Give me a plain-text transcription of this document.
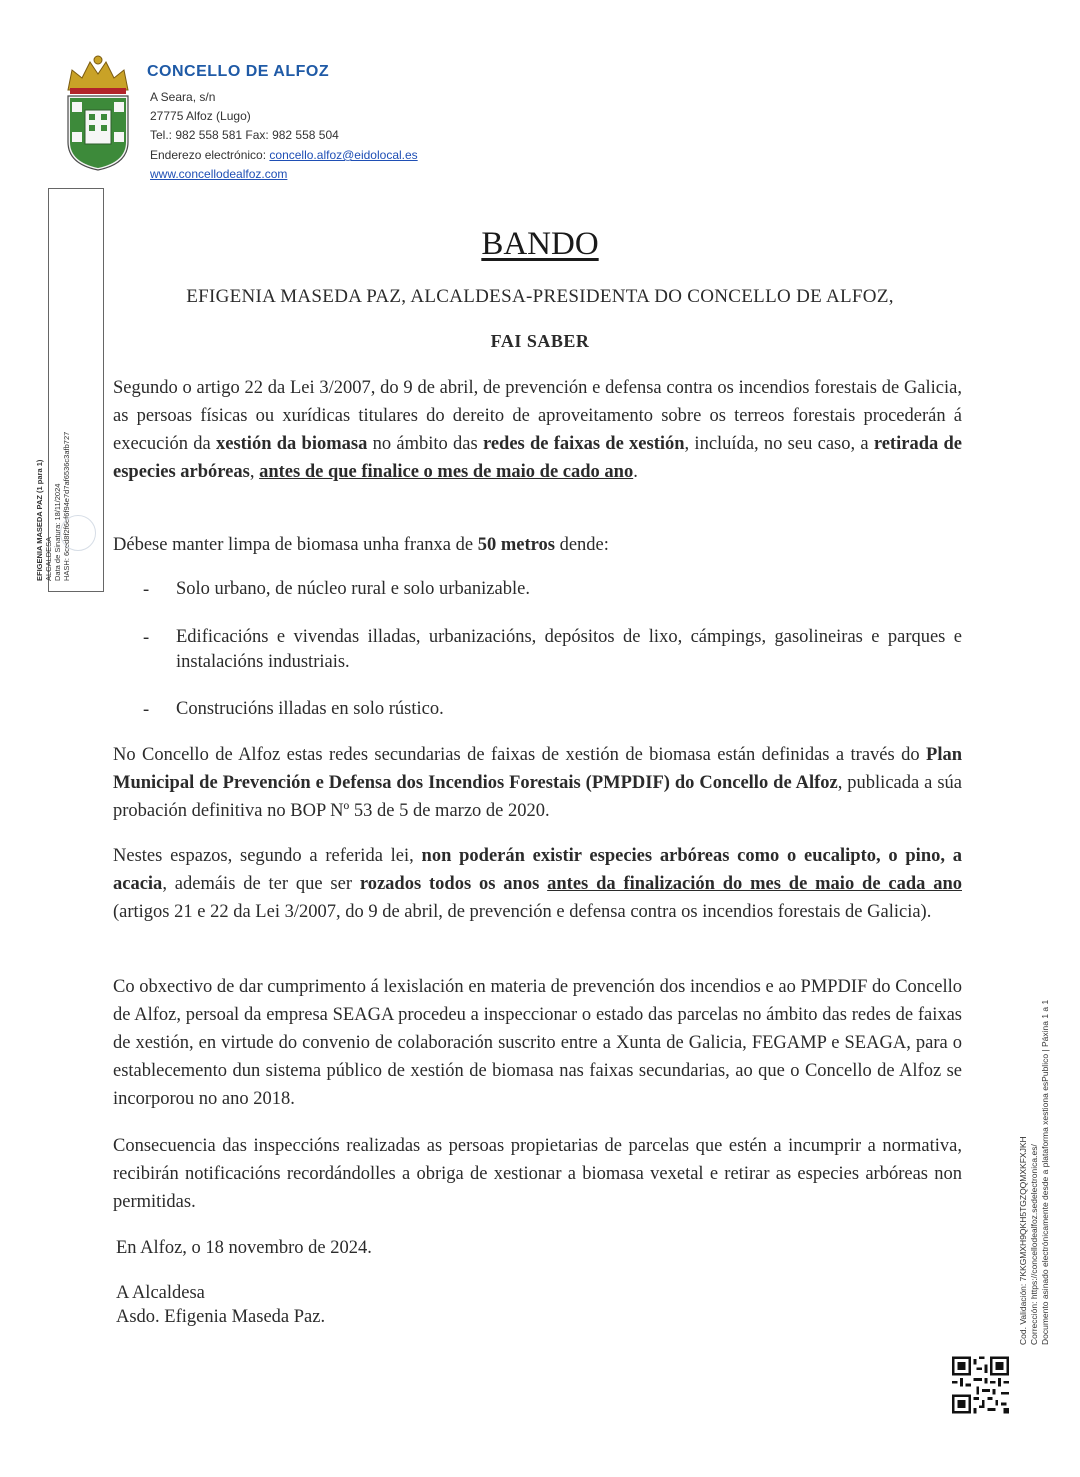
CONCELLO DE ALFOZ
A Seara, s/n
27775 Alfoz (Lugo)
Tel.: 982 558 581 Fax: 982 558 504
Enderezo electrónico: concello.alfoz@eidolocal.es
www.concellodealfoz.com
EFIGENIA MASEDA PAZ (1 para 1) ALCALDESA Data de Sinatura: 18/11/2024 HASH: 6ced8f2f6ef6f94e7d7af6536c3afb727
BANDO
EFIGENIA MASEDA PAZ, ALCALDESA-PRESIDENTA DO CONCELLO DE ALFOZ,
FAI SABER
Segundo o artigo 22 da Lei 3/2007, do 9 de abril, de prevención e defensa contra os incendios forestais de Galicia, as persoas físicas ou xurídicas titulares do dereito de aproveitamento sobre os terreos forestais procederán á execución da xestión da biomasa no ámbito das redes de faixas de xestión, incluída, no seu caso, a retirada de especies arbóreas, antes de que finalice o mes de maio de cado ano.
Débese manter limpa de biomasa unha franxa de 50 metros dende:
- Solo urbano, de núcleo rural e solo urbanizable.
- Edificacións e vivendas illadas, urbanizacións, depósitos de lixo, cámpings, gasolineiras e parques e instalacións industriais.
- Construcións illadas en solo rústico.
No Concello de Alfoz estas redes secundarias de faixas de xestión de biomasa están definidas a través do Plan Municipal de Prevención e Defensa dos Incendios Forestais (PMPDIF) do Concello de Alfoz, publicada a súa probación definitiva no BOP Nº 53 de 5 de marzo de 2020.
Nestes espazos, segundo a referida lei, non poderán existir especies arbóreas como o eucalipto, o pino, a acacia, ademáis de ter que ser rozados todos os anos antes da finalización do mes de maio de cada ano (artigos 21 e 22 da Lei 3/2007, do 9 de abril, de prevención e defensa contra os incendios forestais de Galicia).
Co obxectivo de dar cumprimento á lexislación en materia de prevención dos incendios e ao PMPDIF do Concello de Alfoz, persoal da empresa SEAGA procedeu a inspeccionar o estado das parcelas no ámbito das redes de faixas de xestión, en virtude do convenio de colaboración suscrito entre a Xunta de Galicia, FEGAMP e SEAGA, para o establecemento dun sistema público de xestión de biomasa nas faixas secundarias, ao que o Concello de Alfoz se incorporou no ano 2018.
Consecuencia das inspeccións realizadas as persoas propietarias de parcelas que estén a incumprir a normativa, recibirán notificacións recordándolles a obriga de xestionar a biomasa vexetal e retirar as especies arbóreas non permitidas.
En Alfoz, o 18 novembro de 2024.
A Alcaldesa
Asdo. Efigenia Maseda Paz.	Cod. Validación: 7KKGMXH9QKH5TGZQQMXKFXJKH Corrección: https://concellodealfoz.sedelectronica.es/ Documento asinado electrónicamente desde a plataforma xestiona esPublico | Páxina 1 a 1
